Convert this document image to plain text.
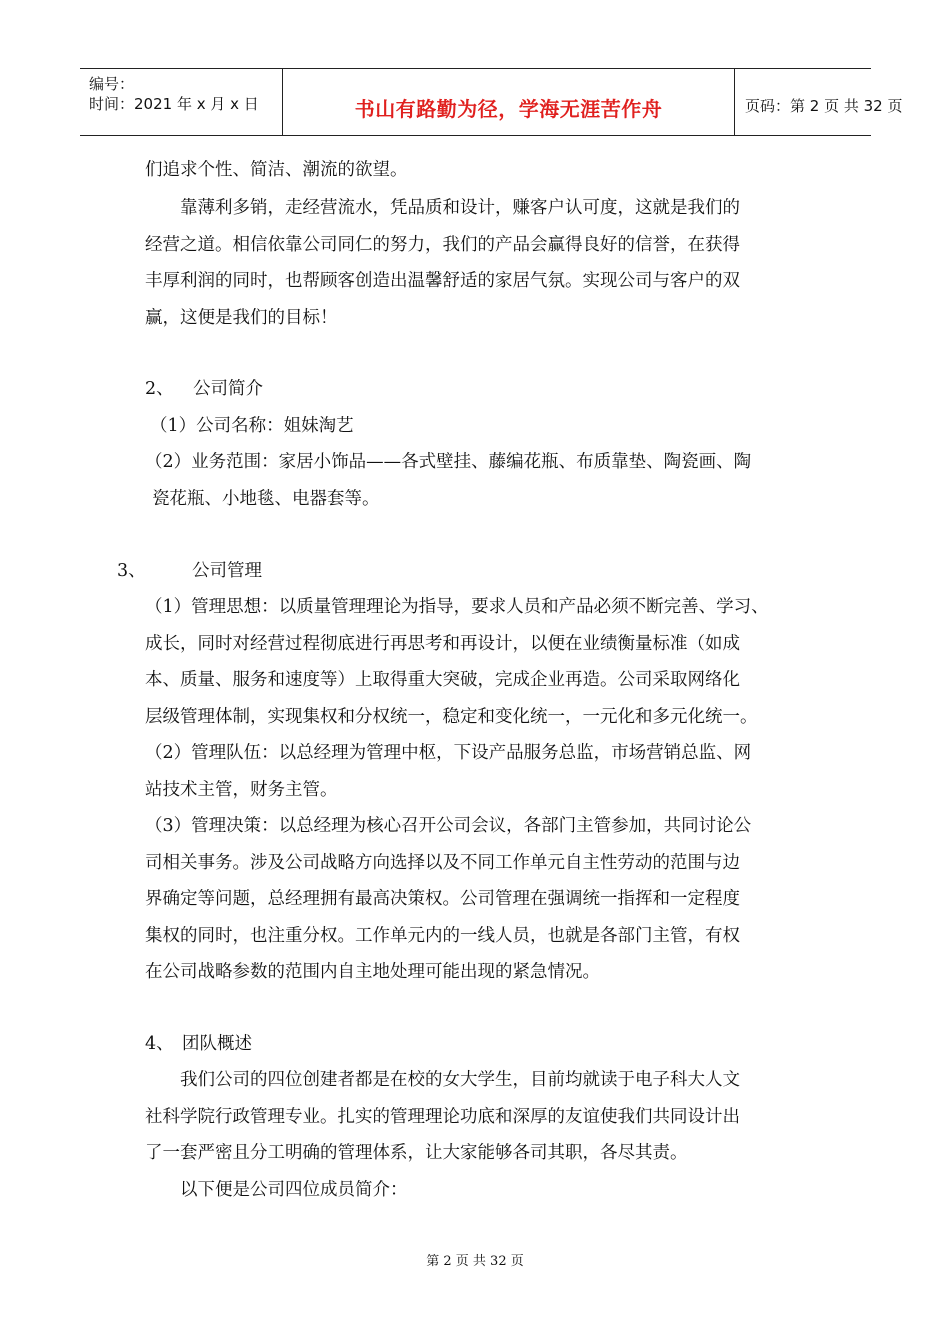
编号：
时间：2021 年 x 月 x 日	书山有路勤为径，学海无涯苦作舟	页码：第 2 页 共 32 页
们追求个性、简洁、潮流的欲望。
靠薄利多销，走经营流水，凭品质和设计，赚客户认可度，这就是我们的
经营之道。相信依靠公司同仁的努力，我们的产品会赢得良好的信誉，在获得
丰厚利润的同时，也帮顾客创造出温馨舒适的家居气氛。实现公司与客户的双
赢，这便是我们的目标！
2、 公司简介
（1）公司名称：姐妹淘艺
（2）业务范围：家居小饰品——各式壁挂、藤编花瓶、布质靠垫、陶瓷画、陶
瓷花瓶、小地毯、电器套等。
3、	公司管理
（1）管理思想：以质量管理理论为指导，要求人员和产品必须不断完善、学习、
成长，同时对经营过程彻底进行再思考和再设计，以便在业绩衡量标准（如成
本、质量、服务和速度等）上取得重大突破，完成企业再造。公司采取网络化
层级管理体制，实现集权和分权统一，稳定和变化统一，一元化和多元化统一。
（2）管理队伍：以总经理为管理中枢，下设产品服务总监，市场营销总监、网
站技术主管，财务主管。
（3）管理决策：以总经理为核心召开公司会议，各部门主管参加，共同讨论公
司相关事务。涉及公司战略方向选择以及不同工作单元自主性劳动的范围与边
界确定等问题，总经理拥有最高决策权。公司管理在强调统一指挥和一定程度
集权的同时，也注重分权。工作单元内的一线人员，也就是各部门主管，有权
在公司战略参数的范围内自主地处理可能出现的紧急情况。
4、 团队概述
我们公司的四位创建者都是在校的女大学生，目前均就读于电子科大人文
社科学院行政管理专业。扎实的管理理论功底和深厚的友谊使我们共同设计出
了一套严密且分工明确的管理体系，让大家能够各司其职，各尽其责。
以下便是公司四位成员简介：
第 2 页 共 32 页
